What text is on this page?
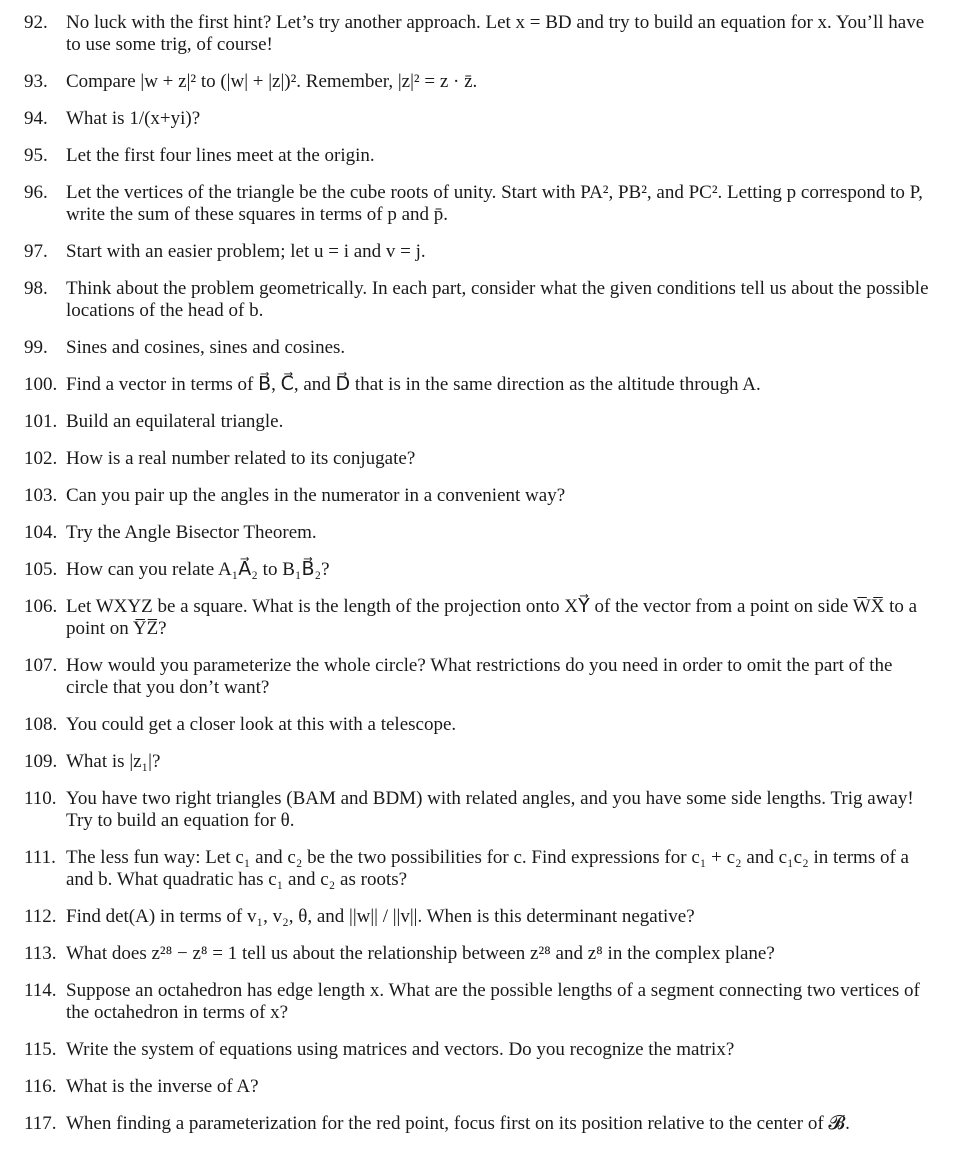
92. No luck with the first hint? Let’s try another approach. Let x = BD and try to build an equation for x. You’ll have to use some trig, of course!
93. Compare |w + z|² to (|w| + |z|)². Remember, |z|² = z · z̄.
94. What is 1/(x+yi)?
95. Let the first four lines meet at the origin.
96. Let the vertices of the triangle be the cube roots of unity. Start with PA², PB², and PC². Letting p correspond to P, write the sum of these squares in terms of p and p̄.
97. Start with an easier problem; let u = i and v = j.
98. Think about the problem geometrically. In each part, consider what the given conditions tell us about the possible locations of the head of b.
99. Sines and cosines, sines and cosines.
100. Find a vector in terms of B⃗, C⃗, and D⃗ that is in the same direction as the altitude through A.
101. Build an equilateral triangle.
102. How is a real number related to its conjugate?
103. Can you pair up the angles in the numerator in a convenient way?
104. Try the Angle Bisector Theorem.
105. How can you relate A₁A⃗₂ to B₁B⃗₂?
106. Let WXYZ be a square. What is the length of the projection onto XY⃗ of the vector from a point on side W̅X̅ to a point on Y̅Z̅?
107. How would you parameterize the whole circle? What restrictions do you need in order to omit the part of the circle that you don’t want?
108. You could get a closer look at this with a telescope.
109. What is |z₁|?
110. You have two right triangles (BAM and BDM) with related angles, and you have some side lengths. Trig away! Try to build an equation for θ.
111. The less fun way: Let c₁ and c₂ be the two possibilities for c. Find expressions for c₁ + c₂ and c₁c₂ in terms of a and b. What quadratic has c₁ and c₂ as roots?
112. Find det(A) in terms of v₁, v₂, θ, and ||w|| / ||v||. When is this determinant negative?
113. What does z²⁸ − z⁸ = 1 tell us about the relationship between z²⁸ and z⁸ in the complex plane?
114. Suppose an octahedron has edge length x. What are the possible lengths of a segment connecting two vertices of the octahedron in terms of x?
115. Write the system of equations using matrices and vectors. Do you recognize the matrix?
116. What is the inverse of A?
117. When finding a parameterization for the red point, focus first on its position relative to the center of 𝓑.
